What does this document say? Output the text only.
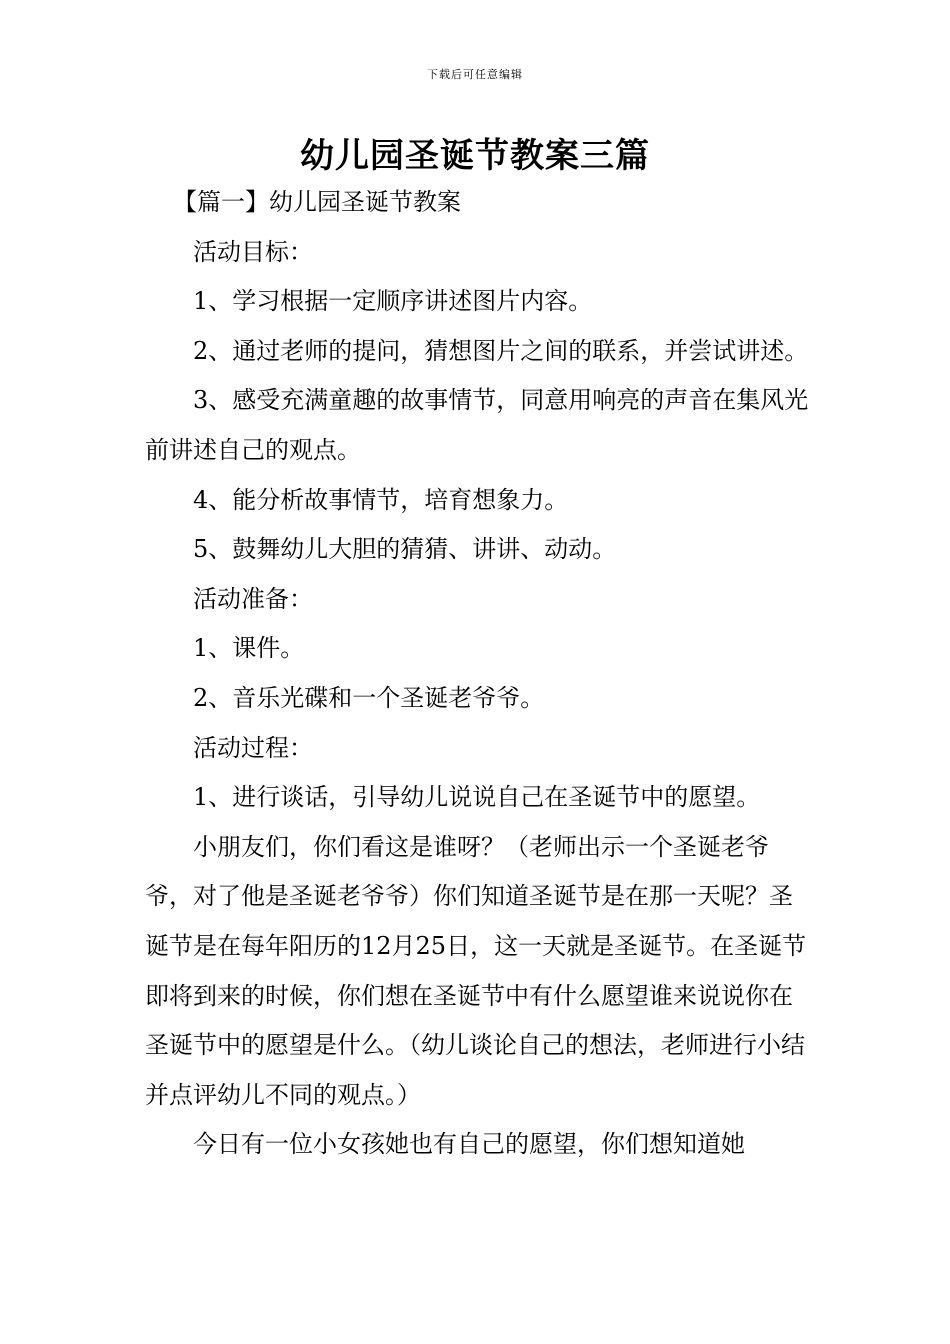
下载后可任意编辑
幼儿园圣诞节教案三篇
【篇一】幼儿园圣诞节教案

活动目标：

1、学习根据一定顺序讲述图片内容。

2、通过老师的提问，猜想图片之间的联系，并尝试讲述。

3、感受充满童趣的故事情节，同意用响亮的声音在集风光前讲述自己的观点。

4、能分析故事情节，培育想象力。

5、鼓舞幼儿大胆的猜猜、讲讲、动动。

活动准备：

1、课件。

2、音乐光碟和一个圣诞老爷爷。

活动过程：

1、进行谈话，引导幼儿说说自己在圣诞节中的愿望。

小朋友们，你们看这是谁呀？（老师出示一个圣诞老爷爷，对了他是圣诞老爷爷）你们知道圣诞节是在那一天呢？圣诞节是在每年阳历的12月25日，这一天就是圣诞节。在圣诞节即将到来的时候，你们想在圣诞节中有什么愿望谁来说说你在圣诞节中的愿望是什么。（幼儿谈论自己的想法，老师进行小结并点评幼儿不同的观点。）

今日有一位小女孩她也有自己的愿望，你们想知道她
